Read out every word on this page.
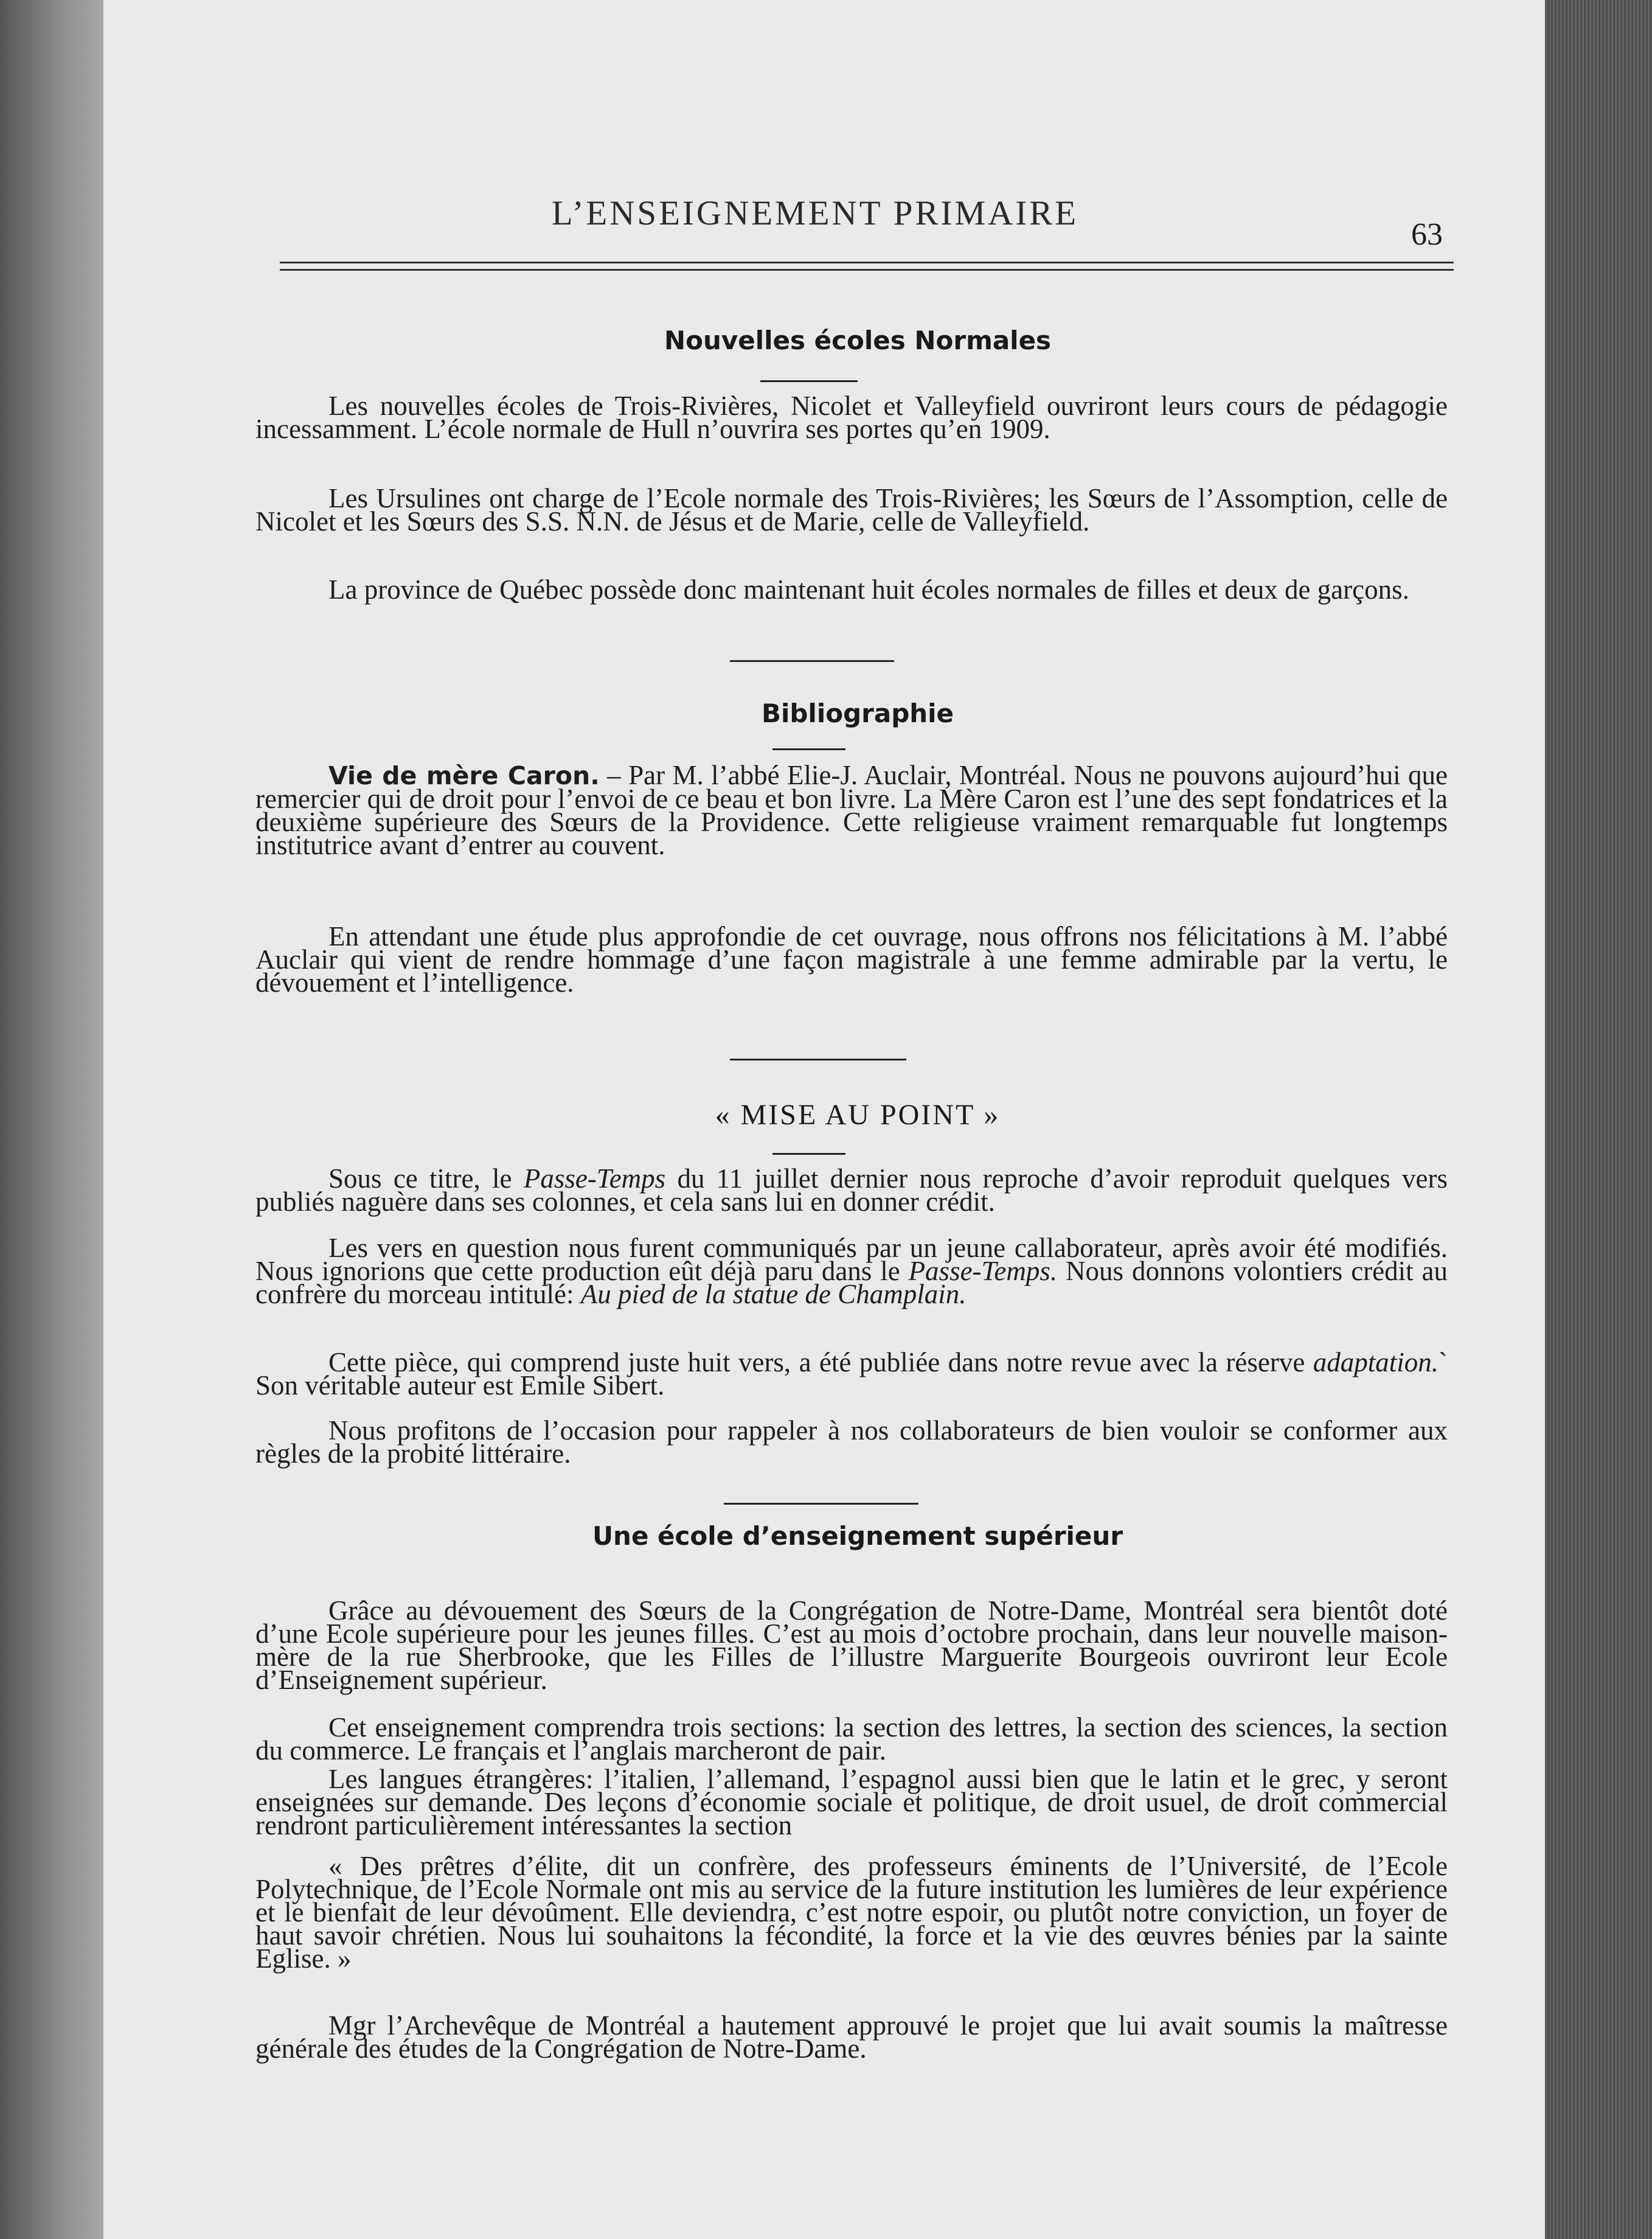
L’ENSEIGNEMENT PRIMAIRE
63
Nouvelles écoles Normales

Les nouvelles écoles de Trois-Rivières, Nicolet et Valleyfield ouvriront leurs cours de pédagogie incessamment. L’école normale de Hull n’ouvrira ses portes qu’en 1909.

Les Ursulines ont charge de l’Ecole normale des Trois-Rivières; les Sœurs de l’Assomption, celle de Nicolet et les Sœurs des S.S. N.N. de Jésus et de Marie, celle de Valleyfield.

La province de Québec possède donc maintenant huit écoles normales de filles et deux de garçons.

Bibliographie

Vie de mère Caron. – Par M. l’abbé Elie-J. Auclair, Montréal. Nous ne pouvons aujourd’hui que remercier qui de droit pour l’envoi de ce beau et bon livre. La Mère Caron est l’une des sept fondatrices et la deuxième supérieure des Sœurs de la Providence. Cette religieuse vraiment remarquable fut longtemps institutrice avant d’entrer au couvent.

En attendant une étude plus approfondie de cet ouvrage, nous offrons nos félicitations à M. l’abbé Auclair qui vient de rendre hommage d’une façon magistrale à une femme admirable par la vertu, le dévouement et l’intelligence.

« MISE AU POINT »

Sous ce titre, le Passe-Temps du 11 juillet dernier nous reproche d’avoir reproduit quelques vers publiés naguère dans ses colonnes, et cela sans lui en donner crédit.

Les vers en question nous furent communiqués par un jeune callaborateur, après avoir été modifiés. Nous ignorions que cette production eût déjà paru dans le Passe-Temps. Nous donnons volontiers crédit au confrère du morceau intitulé: Au pied de la statue de Champlain.

Cette pièce, qui comprend juste huit vers, a été publiée dans notre revue avec la réserve adaptation.` Son véritable auteur est Emile Sibert.

Nous profitons de l’occasion pour rappeler à nos collaborateurs de bien vouloir se conformer aux règles de la probité littéraire.

Une école d’enseignement supérieur

Grâce au dévouement des Sœurs de la Congrégation de Notre-Dame, Montréal sera bientôt doté d’une Ecole supérieure pour les jeunes filles. C’est au mois d’octobre prochain, dans leur nouvelle maison-mère de la rue Sherbrooke, que les Filles de l’illustre Marguerite Bourgeois ouvriront leur Ecole d’Enseignement supérieur.

Cet enseignement comprendra trois sections: la section des lettres, la section des sciences, la section du commerce. Le français et l’anglais marcheront de pair.

Les langues étrangères: l’italien, l’allemand, l’espagnol aussi bien que le latin et le grec, y seront enseignées sur demande. Des leçons d’économie sociale et politique, de droit usuel, de droit commercial rendront particulièrement intéressantes la section

« Des prêtres d’élite, dit un confrère, des professeurs éminents de l’Université, de l’Ecole Polytechnique, de l’Ecole Normale ont mis au service de la future institution les lumières de leur expérience et le bienfait de leur dévoûment. Elle deviendra, c’est notre espoir, ou plutôt notre conviction, un foyer de haut savoir chrétien. Nous lui souhaitons la fécondité, la force et la vie des œuvres bénies par la sainte Eglise. »

Mgr l’Archevêque de Montréal a hautement approuvé le projet que lui avait soumis la maîtresse générale des études de la Congrégation de Notre-Dame.
